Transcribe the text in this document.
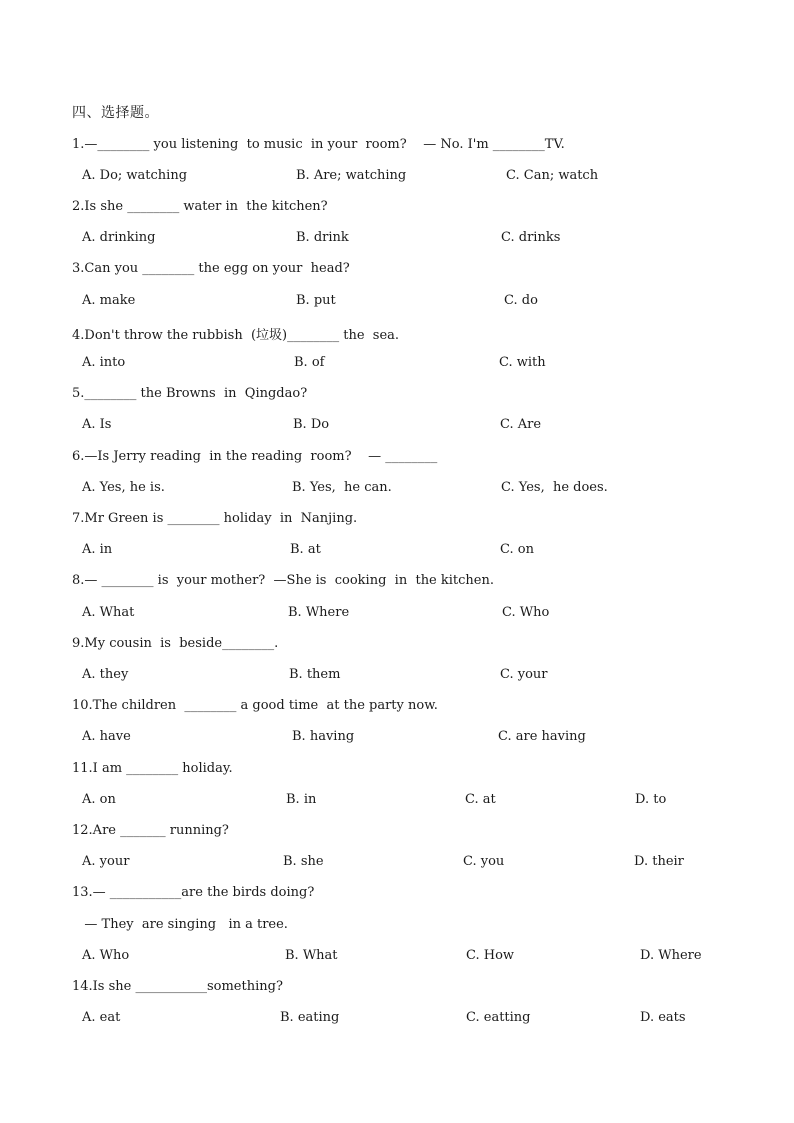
四、选择题。
1.—________ you listening  to music  in your  room?    — No. I'm ________TV.
A. Do; watching	B. Are; watching	C. Can; watch
2.Is she ________ water in  the kitchen?
A. drinking	B. drink	C. drinks
3.Can you ________ the egg on your  head?
A. make	B. put	C. do
4.Don't throw the rubbish  (垃圾)________ the  sea.
A. into	B. of	C. with
5.________ the Browns  in  Qingdao?
A. Is	B. Do	C. Are
6.—Is Jerry reading  in the reading  room?    — ________
A. Yes, he is.	B. Yes,  he can.	C. Yes,  he does.
7.Mr Green is ________ holiday  in  Nanjing.
A. in	B. at	C. on
8.— ________ is  your mother?  —She is  cooking  in  the kitchen.
A. What	B. Where	C. Who
9.My cousin  is  beside________.
A. they	B. them	C. your
10.The children  ________ a good time  at the party now.
A. have	B. having	C. are having
11.I am ________ holiday.
A. on	B. in	C. at	D. to
12.Are _______ running?
A. your	B. she	C. you	D. their
13.— ___________are the birds doing?
— They  are singing   in a tree.
A. Who	B. What	C. How	D. Where
14.Is she ___________something?
A. eat	B. eating	C. eatting	D. eats
